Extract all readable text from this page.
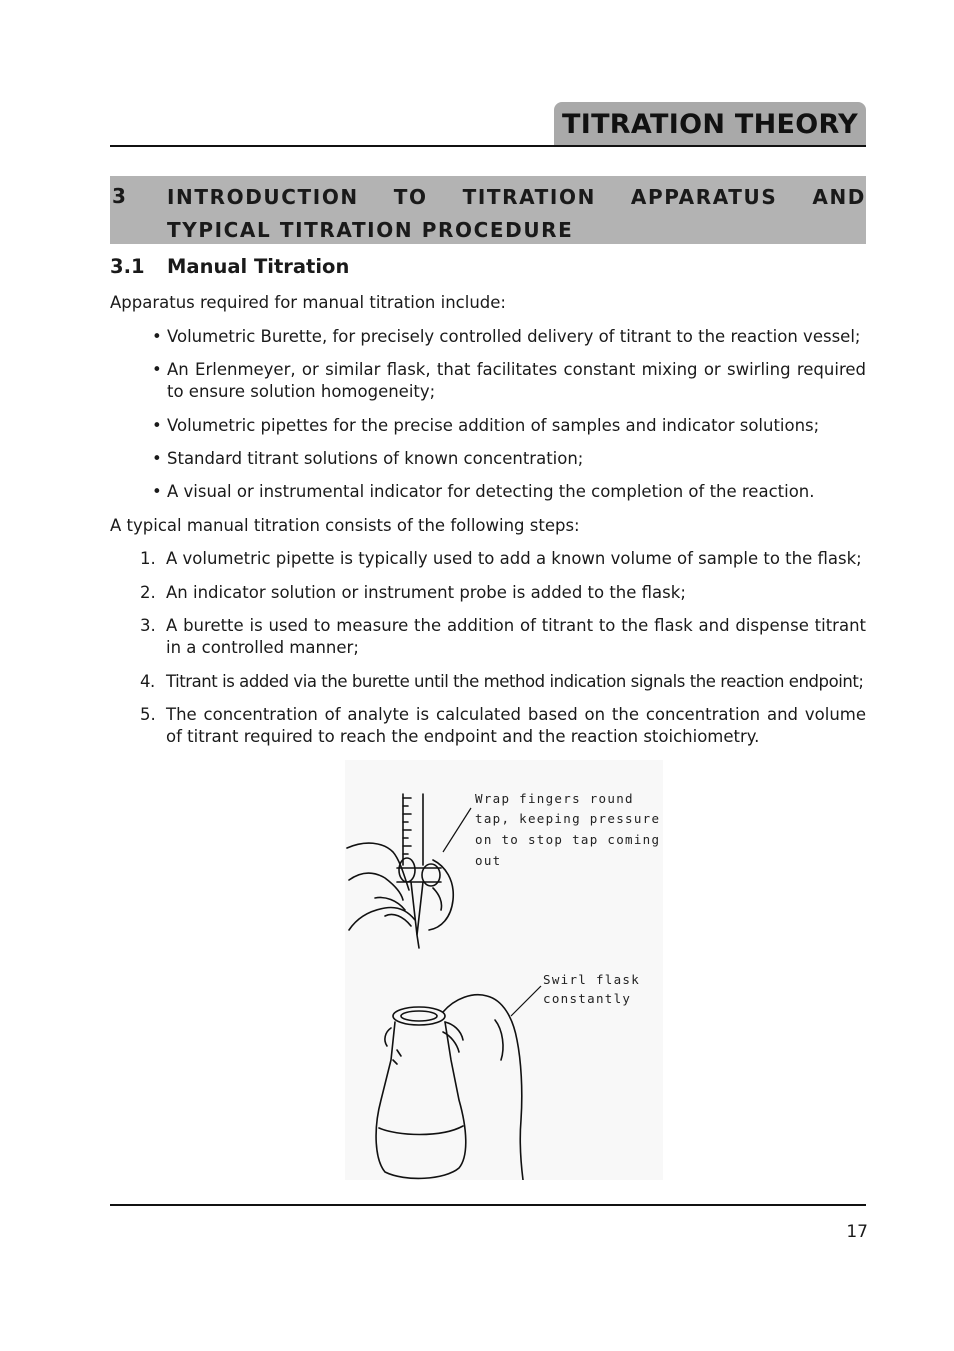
TITRATION THEORY
3 INTRODUCTION TO TITRATION APPARATUS AND TYPICAL TITRATION PROCEDURE
3.1 Manual Titration
Apparatus required for manual titration include:
• Volumetric Burette, for precisely controlled delivery of titrant to the reaction vessel;
• An Erlenmeyer, or similar flask, that facilitates constant mixing or swirling required to ensure solution homogeneity;
• Volumetric pipettes for the precise addition of samples and indicator solutions;
• Standard titrant solutions of known concentration;
• A visual or instrumental indicator for detecting the completion of the reaction.
A typical manual titration consists of the following steps:
1. A volumetric pipette is typically used to add a known volume of sample to the flask;
2. An indicator solution or instrument probe is added to the flask;
3. A burette is used to measure the addition of titrant to the flask and dispense titrant in a controlled manner;
4. Titrant is added via the burette until the method indication signals the reaction endpoint;
5. The concentration of analyte is calculated based on the concentration and volume of titrant required to reach the endpoint and the reaction stoichiometry.
Wrap fingers round
tap, keeping pressure
on to stop tap coming
out
Swirl flask
constantly
17
